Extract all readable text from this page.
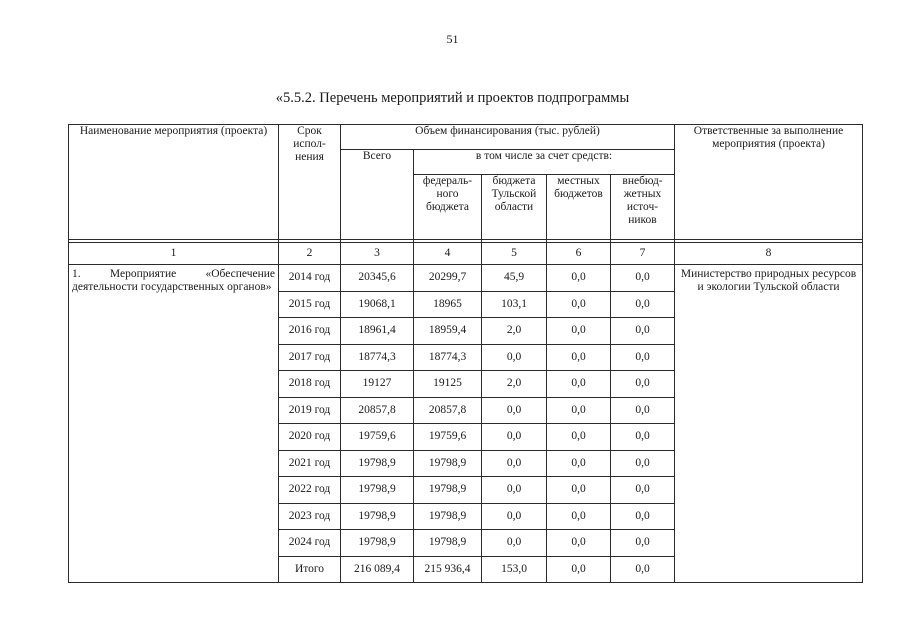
51
«5.5.2. Перечень мероприятий и проектов подпрограммы
Наименование мероприятия (проекта)	Срок испол-нения	Объем финансирования (тыс. рублей)					Ответственные за выполнение мероприятия (проекта)
		Всего	в том числе за счет средств:				
			федераль-ного бюджета	бюджета Тульской области	местных бюджетов	внебюд-жетных источ-ников	

1	2	3	4	5	6	7	8
1. Мероприятие «Обеспечение деятельности государственных органов»	2014 год	20345,6	20299,7	45,9	0,0	0,0	Министерство природных ресурсов и экологии Тульской области
	2015 год	19068,1	18965	103,1	0,0	0,0	
	2016 год	18961,4	18959,4	2,0	0,0	0,0	
	2017 год	18774,3	18774,3	0,0	0,0	0,0	
	2018 год	19127	19125	2,0	0,0	0,0	
	2019 год	20857,8	20857,8	0,0	0,0	0,0	
	2020 год	19759,6	19759,6	0,0	0,0	0,0	
	2021 год	19798,9	19798,9	0,0	0,0	0,0	
	2022 год	19798,9	19798,9	0,0	0,0	0,0	
	2023 год	19798,9	19798,9	0,0	0,0	0,0	
	2024 год	19798,9	19798,9	0,0	0,0	0,0	
	Итого	216 089,4	215 936,4	153,0	0,0	0,0	
